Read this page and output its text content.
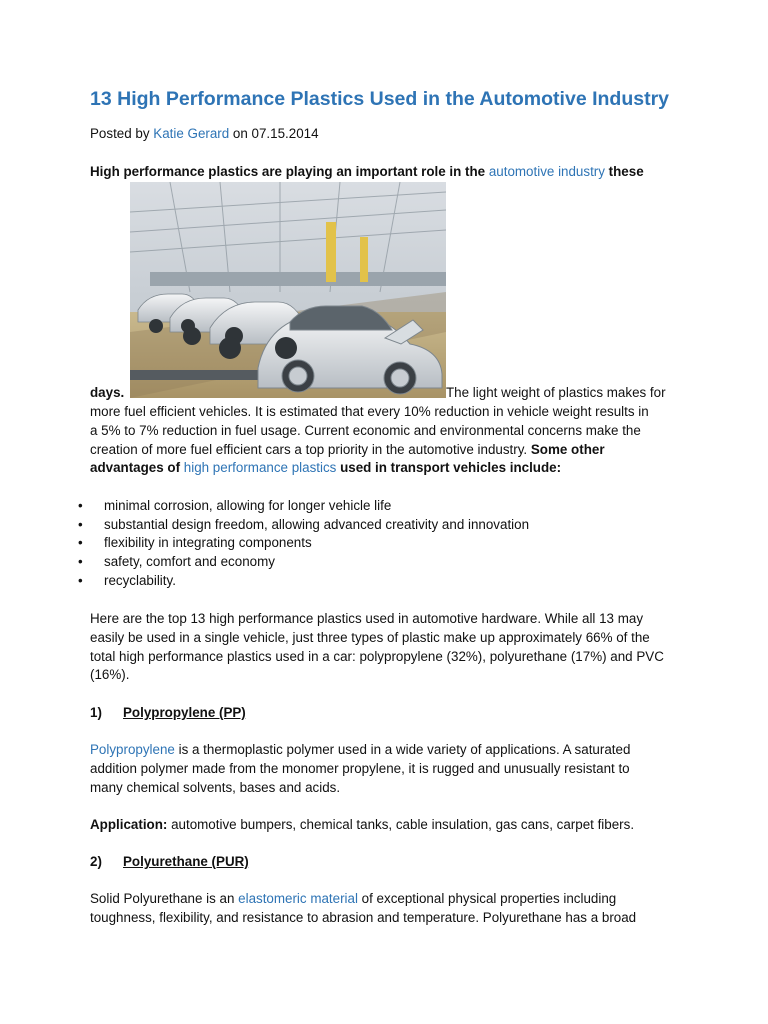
13 High Performance Plastics Used in the Automotive Industry
Posted by Katie Gerard on 07.15.2014
High performance plastics are playing an important role in the automotive industry these
days.	The light weight of plastics makes for
more fuel efficient vehicles. It is estimated that every 10% reduction in vehicle weight results in
a 5% to 7% reduction in fuel usage. Current economic and environmental concerns make the
creation of more fuel efficient cars a top priority in the automotive industry. Some other
advantages of high performance plastics used in transport vehicles include:
• minimal corrosion, allowing for longer vehicle life
• substantial design freedom, allowing advanced creativity and innovation
• flexibility in integrating components
• safety, comfort and economy
• recyclability.
Here are the top 13 high performance plastics used in automotive hardware. While all 13 may
easily be used in a single vehicle, just three types of plastic make up approximately 66% of the
total high performance plastics used in a car: polypropylene (32%), polyurethane (17%) and PVC
(16%).
1) Polypropylene (PP)
Polypropylene is a thermoplastic polymer used in a wide variety of applications. A saturated
addition polymer made from the monomer propylene, it is rugged and unusually resistant to
many chemical solvents, bases and acids.
Application: automotive bumpers, chemical tanks, cable insulation, gas cans, carpet fibers.
2) Polyurethane (PUR)
Solid Polyurethane is an elastomeric material of exceptional physical properties including
toughness, flexibility, and resistance to abrasion and temperature. Polyurethane has a broad
